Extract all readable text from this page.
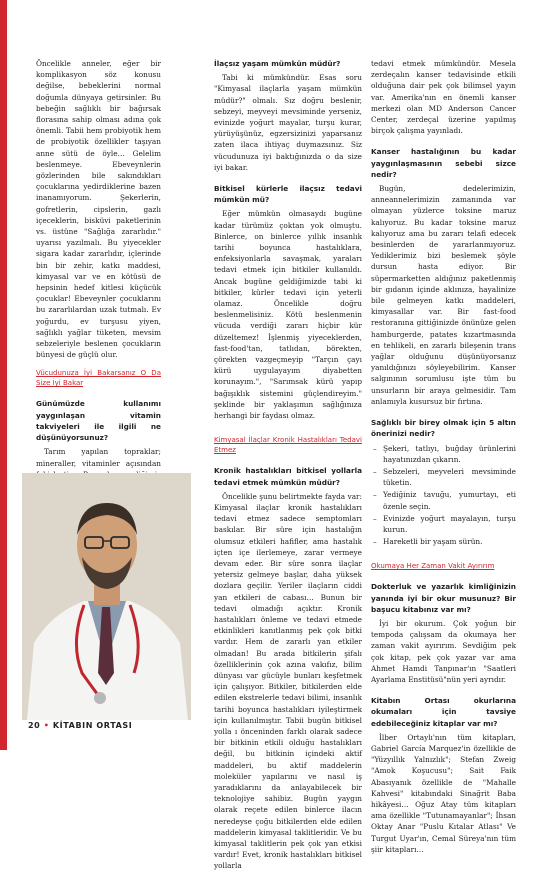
Öncelikle anneler, eğer bir komplikasyon söz konusu değilse, bebeklerini normal doğumla dünyaya getirsinler. Bu bebeğin sağlıklı bir bağırsak florasına sahip olması adına çok önemli. Tabii hem probiyotik hem de probiyotik özellikler taşıyan anne sütü de öyle… Gelelim beslenmeye. Ebeveynlerin gözlerinden bile sakındıkları çocuklarına yedirdiklerine bazen inanamıyorum. Şekerlerin, gofretlerin, cipslerin, gazlı içeceklerin, bisküvi paketlerinin vs. üstüne "Sağlığa zararlıdır." uyarısı yazılmalı. Bu yiyecekler sigara kadar zararlıdır, içlerinde bin bir zehir, katkı maddesi, kimyasal var ve en kötüsü de hepsinin hedef kitlesi küçücük çocuklar! Ebeveynler çocuklarını bu zararlılardan uzak tutmalı. Ev yoğurdu, ev turşusu yiyen, sağlıklı yağlar tüketen, mevsim sebzeleriyle beslenen çocukların bünyesi de güçlü olur.

Vücudunuza İyi Bakarsanız O Da Size İyi Bakar
Günümüzde kullanımı yaygınlaşan vitamin takviyeleri ile ilgili ne düşünüyorsunuz?

Tarım yapılan topraklar; mineraller, vitaminler açısından

İlaçsız yaşam mümkün müdür?

Tabi ki mümkündür. Esas soru "Kimyasal ilaçlarla yaşam mümkün müdür?" olmalı. Sız doğru beslenir, sebzeyi, meyveyi mevsiminde yerseniz, evinizde yoğurt mayalar, turşu kurar, yürüyüşünüz, egzersizinizi yaparsanız zaten ilaca ihtiyaç duymazsınız. Siz vücudunuza iyi baktığınızda o da size iyi bakar.

Bitkisel kürlerle ilaçsız tedavi mümkün mü?

Eğer mümkün olmasaydı bugüne kadar türümüz çoktan yok olmuştu. Binlerce, on binlerce yıllık insanlık tarihi boyunca hastalıklara, enfeksiyonlarla savaşmak, yaraları tedavi etmek için bitkiler kullanıldı. Ancak bugüne geldiğimizde tabi ki bitkiler, kürler tedavi için yeterli olamaz. Öncelikle doğru beslenmelisiniz. Kötü beslenmenin vücuda verdiği zararı hiçbir kür düzeltemez! İşlenmiş yiyeceklerden, fast-food'tan, tatlıdan, börekten, çörekten vazgeçmeyip "Tarçın çayı kürü uygulayayım diyabetten korunayım.", "Sarımsak kürü yapıp bağışıklık sistemini güçlendireyim." şeklinde bir yaklaşımın sağlığınıza herhangi bir faydası olmaz.

Kimyasal İlaçlar Kronik Hastalıkları Tedavi Etmez
Kronik hastalıkları bitkisel yollarla tedavi etmek mümkün müdür?

Öncelikle şunu belirtmekte fayda var: Kimyasal ilaçlar kronik hastalıkları tedavi etmez sadece semptomları baskılar. Bir süre için hastalığın olumsuz etkileri hafifler, ama hastalık içten içe ilerlemeye, zarar vermeye devam eder. Bir süre sonra ilaçlar yetersiz gelmeye başlar, daha yüksek dozlara geçilir. Yeriler ilaçların ciddi yan etkileri de cabası… Bunun bir tedavi olmadığı açıktır. Kronik hastalıkları önleme ve tedavi etmede etkinlikleri kanıtlanmış pek çok bitki vardır. Hem de zararlı yan etkiler olmadan! Bu arada bitkilerin şifalı özelliklerinin çok azına vakıfız, bilim dünyası var gücüyle bunları keşfetmek için çalışıyor. Bitkiler, bitkilerden elde edilen ekstrelerle tedavi bilimi, insanlık tarihi boyunca hastalıkları iyileştirmek için kullanılmıştır. Tabii bugün bitkisel yolla ı önceninden farklı olarak sadece bir bitkinin etkili olduğu hastalıkları değil, bu bitkinin içindeki aktif maddeleri, bu aktif maddelerin moleküler yapılarını ve nasıl iş yaradıklarını da anlayabilecek bir teknolojiye sahibiz. Bugün yaygın olarak reçete edilen binlerce ilacın neredeyse çoğu bitkilerden elde edilen maddelerin kimyasal taklitleridir. Ve bu kimyasal taklitlerin pek çok yan etkisi vardır! Evet, kronik hastalıkları bitkisel yollarla

tedavi etmek mümkündür. Mesela zerdeçalın kanser tedavisinde etkili olduğuna dair pek çok bilimsel yayın var. Amerika'nın en önemli kanser merkezi olan MD Anderson Cancer Center, zerdeçal üzerine yapılmış birçok çalışma yayınladı.

Kanser hastalığının bu kadar yaygınlaşmasının sebebi sizce nedir?

Bugün, dedelerimizin, anneannelerimizin zamanında var olmayan yüzlerce toksine maruz kalıyoruz. Bu kadar toksine maruz kalıyoruz ama bu zararı telafi edecek besinlerden de yararlanmıyoruz. Yediklerimiz bizi beslemek şöyle dursun hasta ediyor. Bir süpermarketten aldığınız paketlenmiş bir gıdanın içinde aklınıza, hayalinize bile gelmeyen katkı maddeleri, kimyasallar var. Bir fast-food restoranına gittiğinizde önünüze gelen hamburgerde, patates kızartmasında en tehlikeli, en zararlı bileşenin trans yağlar olduğunu düşünüyorsanız yanıldığınızı söyleyebilirim. Kanser salgınının sorumlusu işte tüm bu unsurların bir araya gelmesidir. Tam anlamıyla kusursuz bir fırtına.

Sağlıklı bir birey olmak için 5 altın önerinizi nedir?
– Şekeri, tatlıyı, buğday ürünlerini hayatınızdan çıkarın.
– Sebzeleri, meyveleri mevsiminde tüketin.
– Yediğiniz tavuğu, yumurtayı, eti özenle seçin.
– Evinizde yoğurt mayalayın, turşu kurun.
– Hareketli bir yaşam sürün.
Okumaya Her Zaman Vakit Ayırırım
Dokterluk ve yazarlık kimliğinizin yanında iyi bir okur musunuz? Bir başucu kitabınız var mı?

İyi bir okurum. Çok yoğun bir tempoda çalışsam da okumaya her zaman vakit ayırırım. Sevdiğim pek çok kitap, pek çok yazar var ama Ahmet Hamdi Tanpınar'ın "Saatleri Ayarlama Enstitüsü"nün yeri ayrıdır.

Kitabın Ortası okurlarına okumaları için tavsiye edebileceğiniz kitaplar var mı?

İlber Ortaylı'nın tüm kitapları, Gabriel García Marquez'in özellikle de "Yüzyıllık Yalnızlık"; Stefan Zweig "Amok Koşucusu"; Sait Faik Abasıyanık özellikle de "Mahalle Kahvesi" kitabındaki Sinağrit Baba hikâyesi… Oğuz Atay tüm kitapları ama özellikle "Tutunamayanlar"; İhsan Oktay Anar "Puslu Kıtalar Atlası" Ve Turgut Uyar'ın, Cemal Süreya'nın tüm şiir kitapları…

20 • KİTABIN ORTASI
